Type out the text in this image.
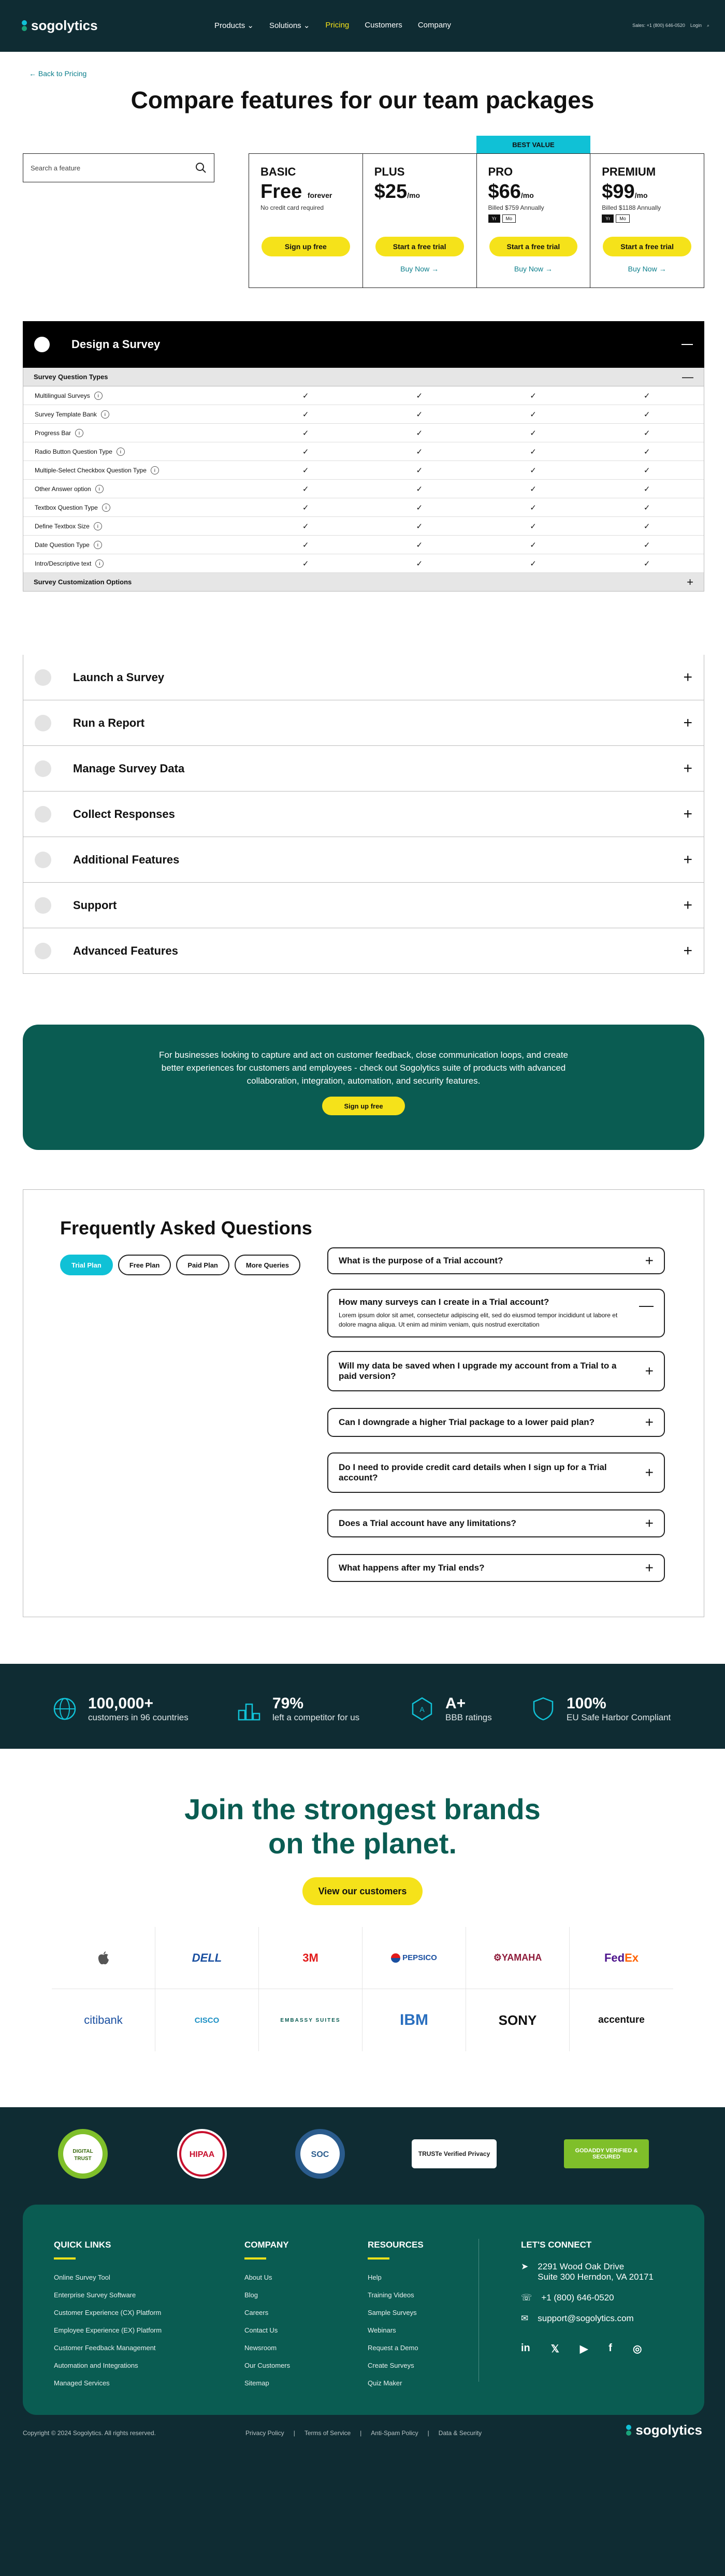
sogolytics	Products ⌄ Solutions ⌄ Pricing Customers Company	Sales: +1 (800) 646-0520 Login ⌕
← Back to Pricing
Compare features for our team packages
Search a feature
BEST VALUE
BASIC
Free forever
No credit card required
Sign up free
PLUS
$25/mo
Start a free trial
Buy Now →
PRO
$66/mo
Billed $759 Annually
Yr	Mo
Start a free trial
Buy Now →
PREMIUM
$99/mo
Billed $1188 Annually
Yr	Mo
Start a free trial
Buy Now →
Design a Survey
Survey Question Types	—
Multilingual Surveys	i	✓	✓	✓	✓
Survey Template Bank	i	✓	✓	✓	✓
Progress Bar	i	✓	✓	✓	✓
Radio Button Question Type	i	✓	✓	✓	✓
Multiple-Select Checkbox Question Type	i	✓	✓	✓	✓
Other Answer option	i	✓	✓	✓	✓
Textbox Question Type	i	✓	✓	✓	✓
Define Textbox Size	i	✓	✓	✓	✓
Date Question Type	i	✓	✓	✓	✓
Intro/Descriptive text	i	✓	✓	✓	✓
Survey Customization Options	+
Launch a Survey	+
Run a Report	+
Manage Survey Data	+
Collect Responses	+
Additional Features	+
Support	+
Advanced Features	+

For businesses looking to capture and act on customer feedback, close communication loops, and create better experiences for customers and employees - check out Sogolytics suite of products with advanced collaboration, integration, automation, and security features.

Sign up free
Frequently Asked Questions
Trial Plan	Free Plan	Paid Plan	More Queries	What is the purpose of a Trial account?	+
How many surveys can I create in a Trial account?
Lorem ipsum dolor sit amet, consectetur adipiscing elit, sed do eiusmod tempor incididunt ut labore et dolore magna aliqua. Ut enim ad minim veniam, quis nostrud exercitation
—
Will my data be saved when I upgrade my account from a Trial to a paid version?	+
Can I downgrade a higher Trial package to a lower paid plan?	+
Do I need to provide credit card details when I sign up for a Trial account?	+
Does a Trial account have any limitations?	+
What happens after my Trial ends?	+
100,000+
customers in 96 countries
79%
left a competitor for us
A A+
BBB ratings
100%
EU Safe Harbor Compliant
Join the strongest brands
on the planet.
View our customers
DELL	3M	PEPSICO	⚙ YAMAHA	Fed Ex
citibank	CISCO	EMBASSY SUITES	IBM	SONY	accenture
DIGITAL
TRUST	HIPAA	SOC	TRUSTe Verified Privacy	GODADDY VERIFIED & SECURED
QUICK LINKS
Online Survey Tool
Enterprise Survey Software
Customer Experience (CX) Platform
Employee Experience (EX) Platform
Customer Feedback Management
Automation and Integrations
Managed Services
COMPANY
About Us
Blog
Careers
Contact Us
Newsroom
Our Customers
Sitemap
RESOURCES
Help
Training Videos
Sample Surveys
Webinars
Request a Demo
Create Surveys
Quiz Maker
LET'S CONNECT
➤ 2291 Wood Oak Drive
Suite 300 Herndon, VA 20171
☏ +1 (800) 646-0520
✉ support@sogolytics.com
in 𝕏 ▶ f ◎
Copyright © 2024 Sogolytics. All rights reserved.	Privacy Policy | Terms of Service | Anti-Spam Policy | Data & Security	sogolytics
